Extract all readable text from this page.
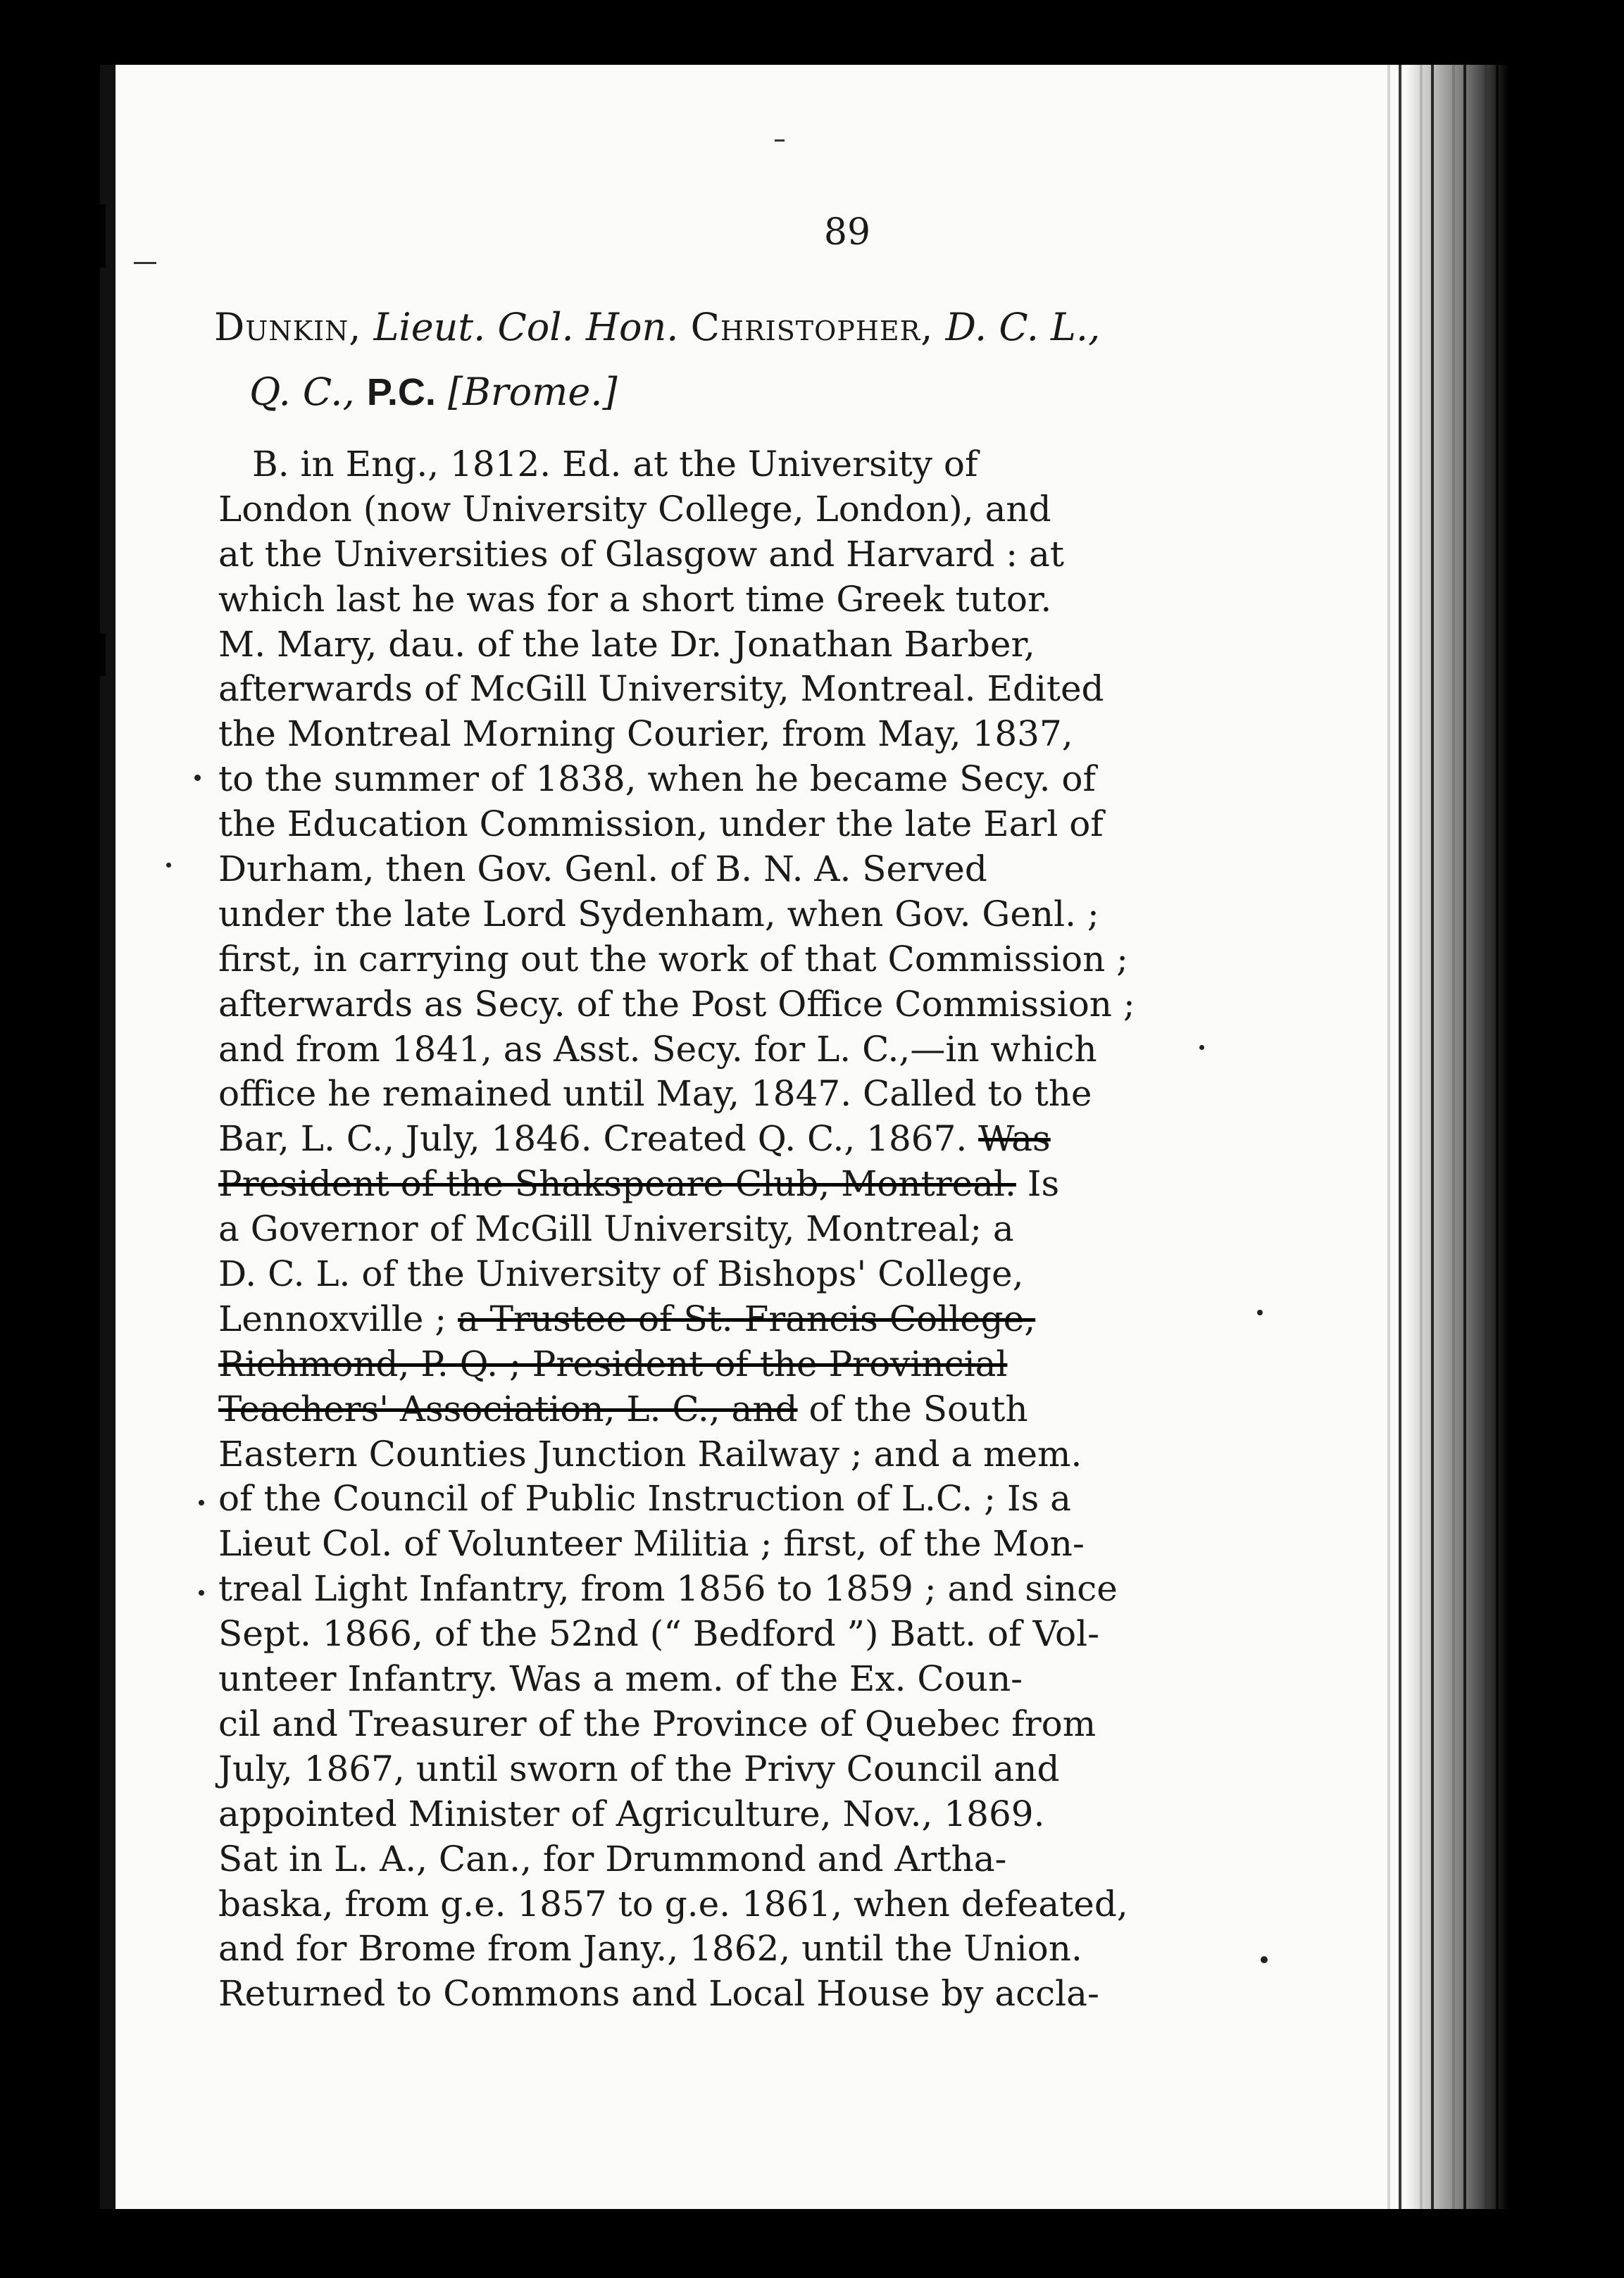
89
Dunkin, Lieut. Col. Hon. Christopher, D. C. L.,
Q. C., P.C. [Brome.]
B. in Eng., 1812. Ed. at the University of
London (now University College, London), and
at the Universities of Glasgow and Harvard : at
which last he was for a short time Greek tutor.
M. Mary, dau. of the late Dr. Jonathan Barber,
afterwards of McGill University, Montreal. Edited
the Montreal Morning Courier, from May, 1837,
to the summer of 1838, when he became Secy. of
the Education Commission, under the late Earl of
Durham, then Gov. Genl. of B. N. A. Served
under the late Lord Sydenham, when Gov. Genl. ;
first, in carrying out the work of that Commission ;
afterwards as Secy. of the Post Office Commission ;
and from 1841, as Asst. Secy. for L. C.,—in which
office he remained until May, 1847. Called to the
Bar, L. C., July, 1846. Created Q. C., 1867. Was
President of the Shakspeare Club, Montreal. Is
a Governor of McGill University, Montreal; a
D. C. L. of the University of Bishops' College,
Lennoxville ; a Trustee of St. Francis College,
Richmond, P. Q. ; President of the Provincial
Teachers' Association, L. C., and of the South
Eastern Counties Junction Railway ; and a mem.
of the Council of Public Instruction of L.C. ; Is a
Lieut Col. of Volunteer Militia ; first, of the Mon-
treal Light Infantry, from 1856 to 1859 ; and since
Sept. 1866, of the 52nd (“ Bedford ”) Batt. of Vol-
unteer Infantry. Was a mem. of the Ex. Coun-
cil and Treasurer of the Province of Quebec from
July, 1867, until sworn of the Privy Council and
appointed Minister of Agriculture, Nov., 1869.
Sat in L. A., Can., for Drummond and Artha-
baska, from g.e. 1857 to g.e. 1861, when defeated,
and for Brome from Jany., 1862, until the Union.
Returned to Commons and Local House by accla-
